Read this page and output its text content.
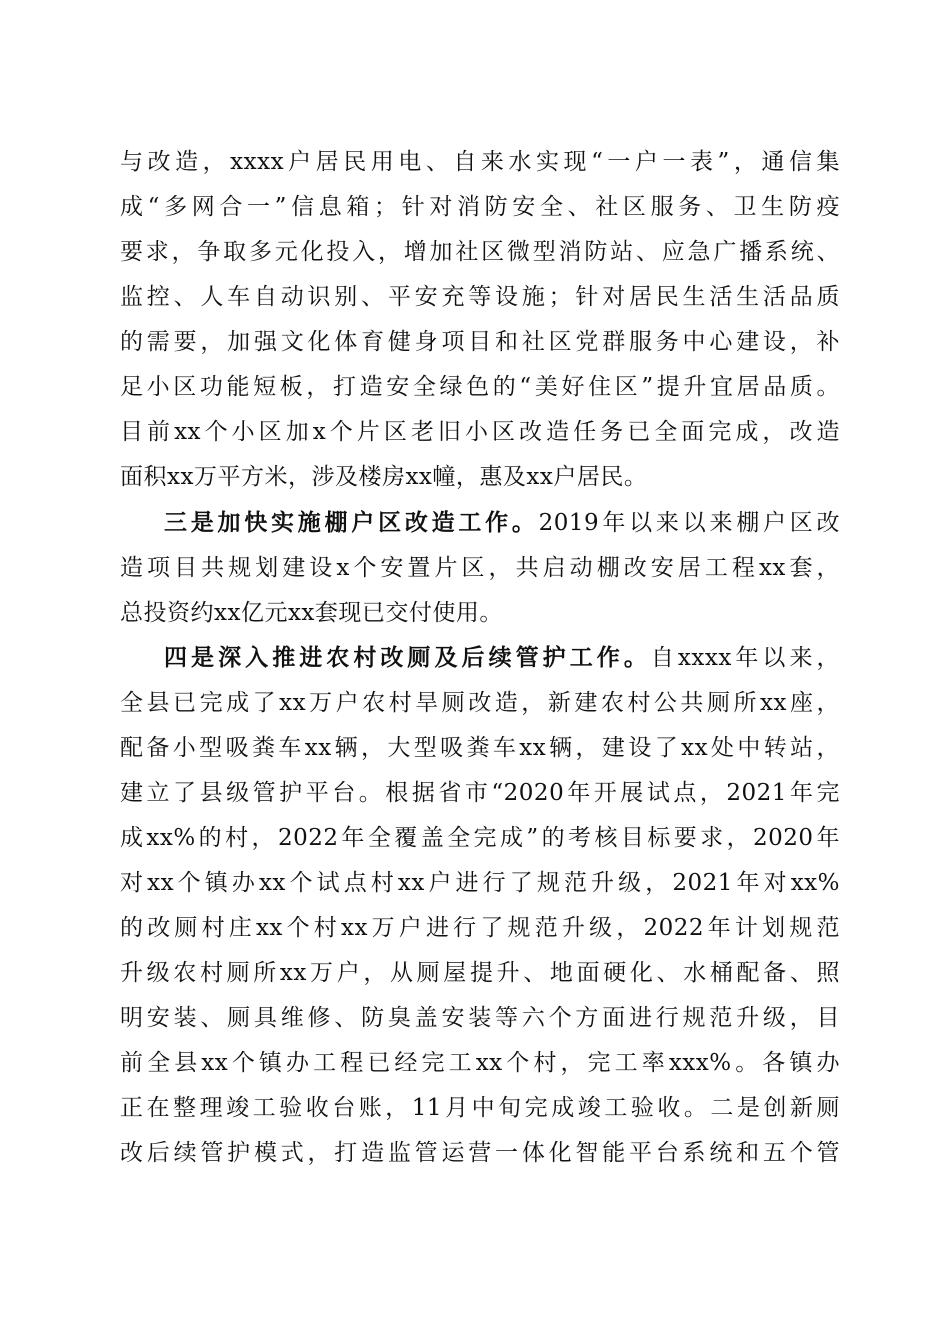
与改造，xxxx户居民用电、自来水实现“一户一表”，通信集
成“多网合一”信息箱；针对消防安全、社区服务、卫生防疫
要求，争取多元化投入，增加社区微型消防站、应急广播系统、
监控、人车自动识别、平安充等设施；针对居民生活生活品质
的需要，加强文化体育健身项目和社区党群服务中心建设，补
足小区功能短板，打造安全绿色的“美好住区”提升宜居品质。
目前xx个小区加x个片区老旧小区改造任务已全面完成，改造
面积xx万平方米，涉及楼房xx幢，惠及xx户居民。
三是加快实施棚户区改造工作。2019年以来以来棚户区改
造项目共规划建设x个安置片区，共启动棚改安居工程xx套，
总投资约xx亿元xx套现已交付使用。
四是深入推进农村改厕及后续管护工作。自xxxx年以来，
全县已完成了xx万户农村旱厕改造，新建农村公共厕所xx座，
配备小型吸粪车xx辆，大型吸粪车xx辆，建设了xx处中转站，
建立了县级管护平台。根据省市“2020年开展试点，2021年完
成xx%的村，2022年全覆盖全完成”的考核目标要求，2020年
对xx个镇办xx个试点村xx户进行了规范升级，2021年对xx%
的改厕村庄xx个村xx万户进行了规范升级，2022年计划规范
升级农村厕所xx万户，从厕屋提升、地面硬化、水桶配备、照
明安装、厕具维修、防臭盖安装等六个方面进行规范升级，目
前全县xx个镇办工程已经完工xx个村，完工率xxx%。各镇办
正在整理竣工验收台账，11月中旬完成竣工验收。二是创新厕
改后续管护模式，打造监管运营一体化智能平台系统和五个管
